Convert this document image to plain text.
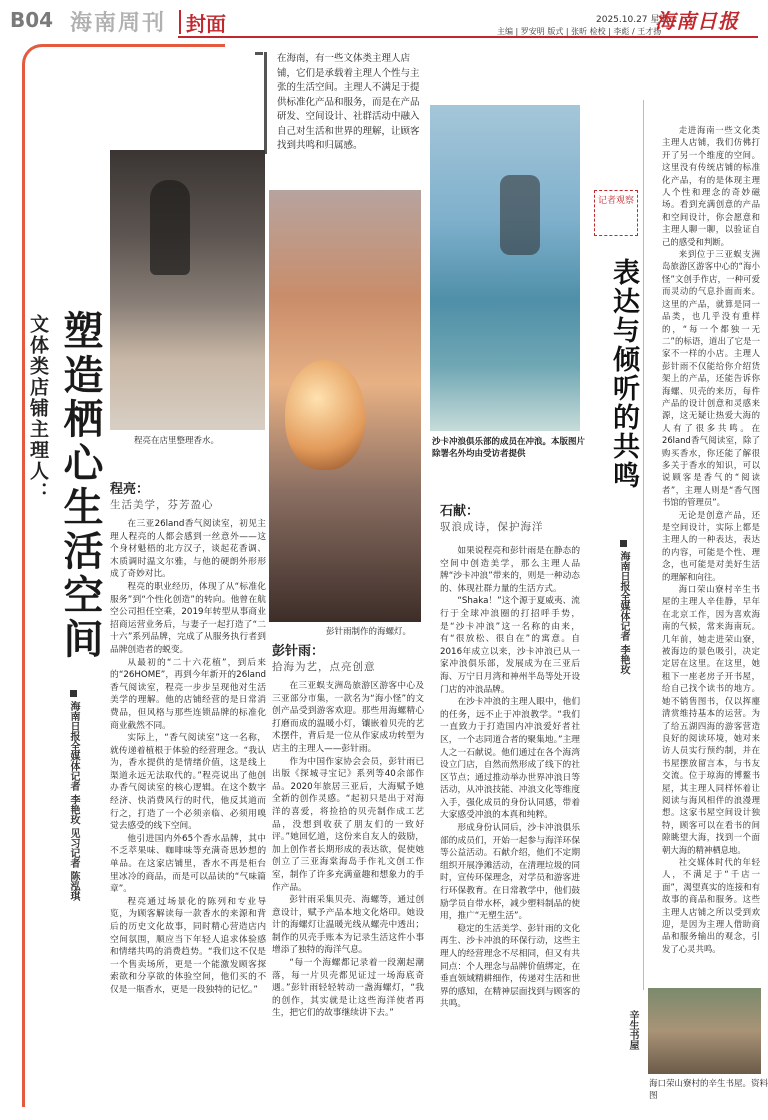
B04 海南周刊 封面	2025.10.27 星期一
主编 | 罗安明 版式 | 张昕 检校 | 李彪 / 王才扬
海南日报
塑造栖心生活空间
文体类店铺主理人：
海南日报全媒体记者 李艳玫 见习记者 陈泓琪
在海南，有一些文体类主理人店铺，它们是承载着主理人个性与主张的生活空间。主理人不满足于提供标准化产品和服务，而是在产品研发、空间设计、社群活动中融入自己对生活和世界的理解，让顾客找到共鸣和归属感。
程亮在店里整理香水。
彭针雨制作的海螺灯。
沙卡冲浪俱乐部的成员在冲浪。本版图片除署名外均由受访者提供
海口荣山寮村的辛生书屋。资料图
程亮：
生活美学，芬芳盈心

在三亚26land香气阅读室，初见主理人程亮的人都会感到一丝意外——这个身材魁梧的北方汉子，谈起花香调、木质调时温文尔雅，与他的硬朗外形形成了奇妙对比。

程亮的职业经历，体现了从“标准化服务”到“个性化创造”的转向。他曾在航空公司担任空乘，2019年转型从事商业招商运营业务后，与妻子一起打造了“二十六”系列品牌，完成了从服务执行者到品牌创造者的蜕变。

从最初的“二十六花植”，到后来的“26HOME”，再到今年新开的26land香气阅读室，程亮一步步呈现他对生活美学的理解。他的店铺经营的是日常消费品，但风格与那些连锁品牌的标准化商业截然不同。

实际上，“香气阅读室”这一名称，就传递着植根于体验的经营理念。“我认为，香水提供的是情绪价值，这是线上渠道永远无法取代的。”程亮说出了他创办香气阅读室的核心逻辑。在这个数字经济、快消费风行的时代，他反其道而行之，打造了一个必须亲临、必须用嗅觉去感受的线下空间。

他引进国内外65个香水品牌，其中不乏萃果味、咖啡味等充满奇思妙想的单品。在这家店铺里，香水不再是柜台里冰冷的商品，而是可以品读的“气味篇章”。

程亮通过场景化的陈列和专业导览，为顾客解读每一款香水的来源和背后的历史文化故事，同时精心营造店内空间氛围，顺应当下年轻人追求体验感和情绪共鸣的消费趋势。“我们这不仅是一个售卖场所，更是一个能激发顾客探索欲和分享欲的体验空间，他们买的不仅是一瓶香水，更是一段独特的记忆。”

彭针雨：
拾海为艺，点亮创意

在三亚蜈支洲岛旅游区游客中心及三亚部分市集，一款名为“海小怪”的文创产品受到游客欢迎。那些用海螺精心打磨而成的温暖小灯，镶嵌着贝壳的艺术摆件，背后是一位从作家成功转型为店主的主理人——彭针雨。

作为中国作家协会会员，彭针雨已出版《探城寻宝记》系列等40余部作品。2020年旅居三亚后，大海赋予她全新的创作灵感。“起初只是出于对海洋的喜爱，将捡拾的贝壳制作成工艺品，没想到收获了朋友们的一致好评。”她回忆道，这份来自友人的鼓励，加上创作者长期形成的表达欲，促使她创立了三亚海棠海岛手作礼文创工作室，制作了许多充满童趣和想象力的手作产品。

彭针雨采集贝壳、海螺等，通过创意设计，赋予产品本地文化烙印。她设计的海螺灯让温暖光线从螺壳中透出；制作的贝壳手账本为记录生活这件小事增添了独特的海洋气息。

“每一个海螺都记录着一段潮起潮落，每一片贝壳都见证过一场海底奇遇。”彭针雨轻轻转动一盏海螺灯，“我的创作，其实就是让这些海洋使者再生，把它们的故事继续讲下去。”

石献：
驭浪成诗，保护海洋

如果说程亮和彭针雨是在静态的空间中创造美学，那么主理人品牌“沙卡冲浪”带来的，则是一种动态的、体现社群力量的生活方式。

“Shaka！”这个源于夏威夷、流行于全球冲浪圈的打招呼手势，是“沙卡冲浪”这一名称的由来，有“很放松、很自在”的寓意。自2016年成立以来，沙卡冲浪已从一家冲浪俱乐部，发展成为在三亚后海、万宁日月湾和神州半岛等处开设门店的冲浪品牌。

在沙卡冲浪的主理人眼中，他们的任务，远不止于冲浪教学。“我们一直致力于打造国内冲浪爱好者社区，一个志同道合者的聚集地。”主理人之一石献说。他们通过在各个海湾设立门店，自然而然形成了线下的社区节点；通过推动举办世界冲浪日等活动，从冲浪技能、冲浪文化等维度入手，强化成员的身份认同感，带着大家感受冲浪的本真和纯粹。

形成身份认同后，沙卡冲浪俱乐部的成员们，开始一起参与海洋环保等公益活动。石献介绍，他们不定期组织开展净滩活动，在清理垃圾的同时，宣传环保理念，对学员和游客进行环保教育。在日常教学中，他们鼓励学员自带水杯，减少塑料制品的使用，推广“无塑生活”。

稳定的生活美学、彭针雨的文化再生、沙卡冲浪的环保行动，这些主理人的经营理念不尽相同，但又有共同点：个人理念与品牌价值绑定，在垂直领域精耕细作，传递对生活和世界的感知，在精神层面找到与顾客的共鸣。

记者观察
表达与倾听的共鸣
海南日报全媒体记者 李艳玫
辛生书屋

走进海南一些文化类主理人店铺，我们仿佛打开了另一个维度的空间。这里没有传统店铺的标准化产品，有的是体现主理人个性和理念的奇妙磁场。看到充满创意的产品和空间设计，你会愿意和主理人聊一聊，以验证自己的感受和判断。

来到位于三亚蜈支洲岛旅游区游客中心的“海小怪”文创手作店，一种可爱而灵动的气息扑面而来。这里的产品，就算是同一品类，也几乎没有重样的，“每一个都独一无二”的标语，道出了它是一家不一样的小店。主理人彭针雨不仅能给你介绍货架上的产品，还能告诉你海螺、贝壳的来历，每件产品的设计创意和灵感来源，这无疑让热爱大海的人有了很多共鸣。在26land香气阅读室，除了购买香水，你还能了解很多关于香水的知识，可以说顾客是香气的“阅读者”，主理人则是“香气图书馆的管理员”。

无论是创意产品，还是空间设计，实际上都是主理人的一种表达，表达的内容，可能是个性、理念，也可能是对美好生活的理解和向往。

海口荣山寮村辛生书屋的主理人辛佳静，早年在北京工作，因为喜欢海南的气候，常来海南玩。几年前，她走进荣山寮，被海边的景色吸引，决定定居在这里。在这里，她租下一座老房子开书屋，给自己找个读书的地方。她不销售图书，仅以挥麈清赏维持基本的运营。为了给五湖四海的游客营造良好的阅读环境，她对来访人员实行预约制，并在书屋摆放留言本，与书友交流。位于琼海的博鳌书屋，其主理人同样怀着让阅读与海风相伴的浪漫理想。这家书屋空间设计独特，顾客可以在看书的间隙眺望大海，找到一个面朝大海的精神栖息地。

社交媒体时代的年轻人，不满足于“千店一面”，渴望真实的连接和有故事的商品和服务。这些主理人店铺之所以受到欢迎，是因为主理人借助商品和服务输出的观念，引发了心灵共鸣。
